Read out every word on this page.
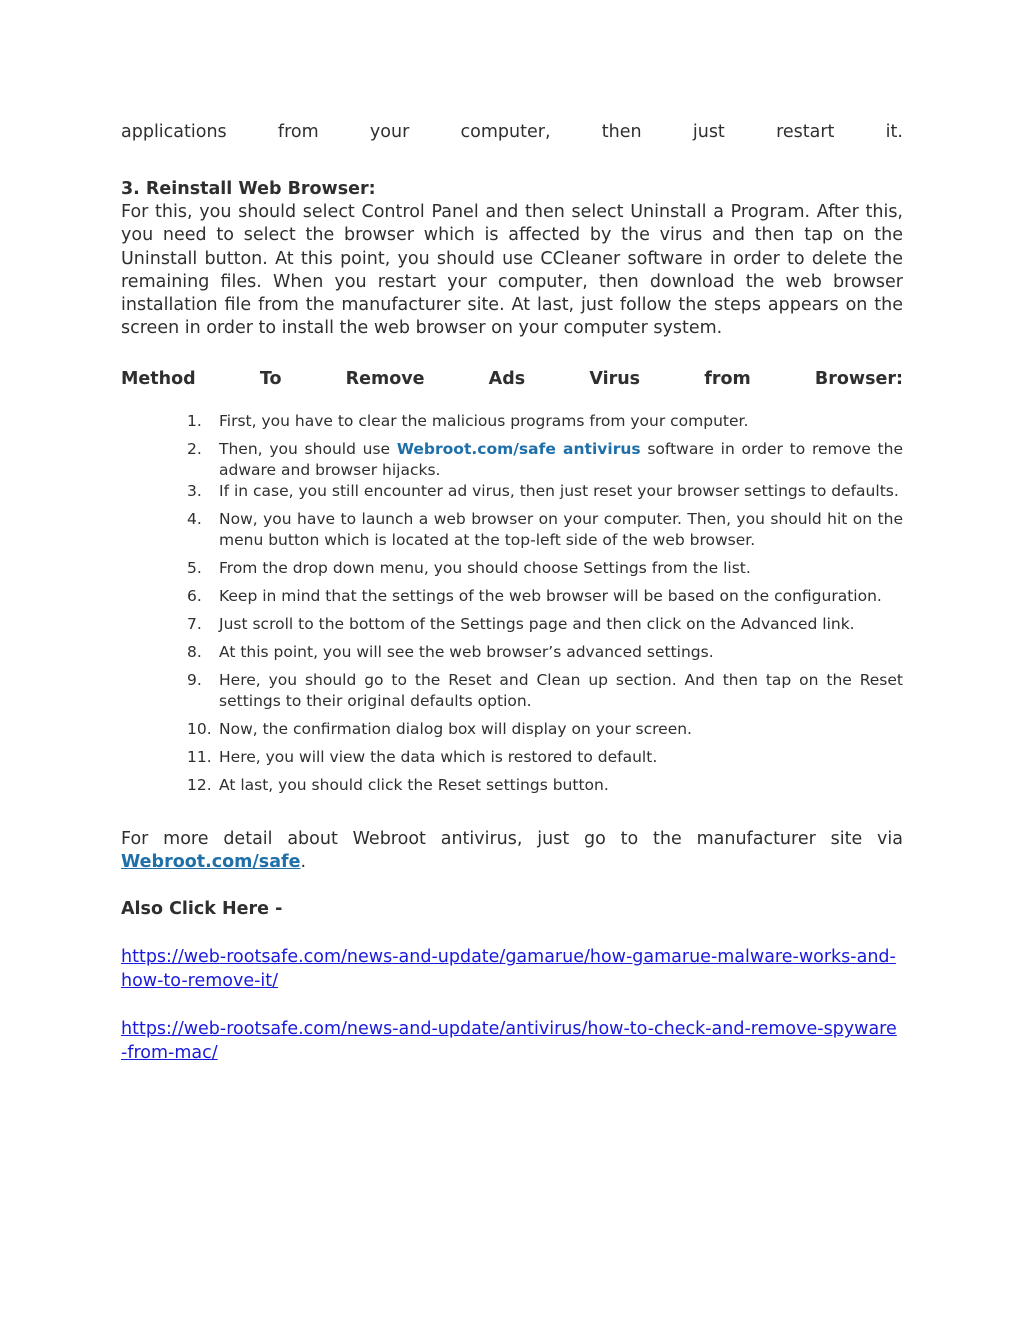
applications	from	your	computer,	then	just	restart	it.

3. Reinstall Web Browser:

For this, you should select Control Panel and then select Uninstall a Program. After this, you need to select the browser which is affected by the virus and then tap on the Uninstall button. At this point, you should use CCleaner software in order to delete the remaining files. When you restart your computer, then download the web browser installation file from the manufacturer site. At last, just follow the steps appears on the screen in order to install the web browser on your computer system.

Method	To	Remove	Ads	Virus	from	Browser:

1.	First, you have to clear the malicious programs from your computer.
2.	Then, you should use Webroot.com/safe antivirus software in order to remove the adware and browser hijacks.
3.	If in case, you still encounter ad virus, then just reset your browser settings to defaults.
4.	Now, you have to launch a web browser on your computer. Then, you should hit on the menu button which is located at the top-left side of the web browser.
5.	From the drop down menu, you should choose Settings from the list.
6.	Keep in mind that the settings of the web browser will be based on the configuration.
7.	Just scroll to the bottom of the Settings page and then click on the Advanced link.
8.	At this point, you will see the web browser’s advanced settings.
9.	Here, you should go to the Reset and Clean up section. And then tap on the Reset settings to their original defaults option.
10. Now, the confirmation dialog box will display on your screen.
11. Here, you will view the data which is restored to default.
12. At last, you should click the Reset settings button.

For more detail about Webroot antivirus, just go to the manufacturer site via Webroot.com/safe.

Also Click Here -

https://web-rootsafe.com/news-and-update/gamarue/how-gamarue-malware-works-and-how-to-remove-it/
https://web-rootsafe.com/news-and-update/antivirus/how-to-check-and-remove-spyware-from-mac/
